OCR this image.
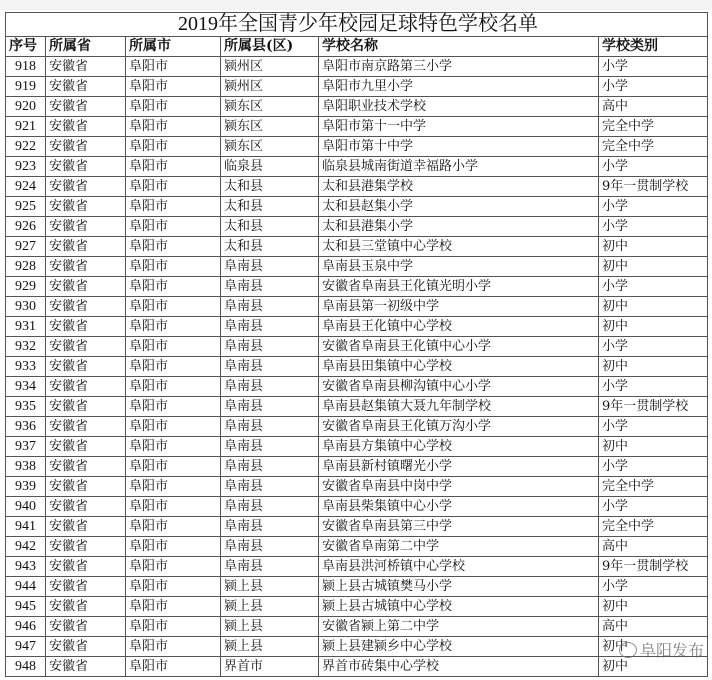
2019年全国青少年校园足球特色学校名单					
序号	所属省	所属市	所属县(区)	学校名称	学校类别
918	安徽省	阜阳市	颍州区	阜阳市南京路第三小学	小学
919	安徽省	阜阳市	颍州区	阜阳市九里小学	小学
920	安徽省	阜阳市	颍东区	阜阳职业技术学校	高中
921	安徽省	阜阳市	颍东区	阜阳市第十一中学	完全中学
922	安徽省	阜阳市	颍东区	阜阳市第十中学	完全中学
923	安徽省	阜阳市	临泉县	临泉县城南街道幸福路小学	小学
924	安徽省	阜阳市	太和县	太和县港集学校	9年一贯制学校
925	安徽省	阜阳市	太和县	太和县赵集小学	小学
926	安徽省	阜阳市	太和县	太和县港集小学	小学
927	安徽省	阜阳市	太和县	太和县三堂镇中心学校	初中
928	安徽省	阜阳市	阜南县	阜南县玉泉中学	初中
929	安徽省	阜阳市	阜南县	安徽省阜南县王化镇光明小学	小学
930	安徽省	阜阳市	阜南县	阜南县第一初级中学	初中
931	安徽省	阜阳市	阜南县	阜南县王化镇中心学校	初中
932	安徽省	阜阳市	阜南县	安徽省阜南县王化镇中心小学	小学
933	安徽省	阜阳市	阜南县	阜南县田集镇中心学校	初中
934	安徽省	阜阳市	阜南县	安徽省阜南县柳沟镇中心小学	小学
935	安徽省	阜阳市	阜南县	阜南县赵集镇大聂九年制学校	9年一贯制学校
936	安徽省	阜阳市	阜南县	安徽省阜南县王化镇万沟小学	小学
937	安徽省	阜阳市	阜南县	阜南县方集镇中心学校	初中
938	安徽省	阜阳市	阜南县	阜南县新村镇曙光小学	小学
939	安徽省	阜阳市	阜南县	安徽省阜南县中岗中学	完全中学
940	安徽省	阜阳市	阜南县	阜南县柴集镇中心小学	小学
941	安徽省	阜阳市	阜南县	安徽省阜南县第三中学	完全中学
942	安徽省	阜阳市	阜南县	安徽省阜南第二中学	高中
943	安徽省	阜阳市	阜南县	阜南县洪河桥镇中心学校	9年一贯制学校
944	安徽省	阜阳市	颍上县	颍上县古城镇樊马小学	小学
945	安徽省	阜阳市	颍上县	颍上县古城镇中心学校	初中
946	安徽省	阜阳市	颍上县	安徽省颍上第二中学	高中
947	安徽省	阜阳市	颍上县	颍上县建颍乡中心学校	初中
948	安徽省	阜阳市	界首市	界首市砖集中心学校	初中
阜阳发布
